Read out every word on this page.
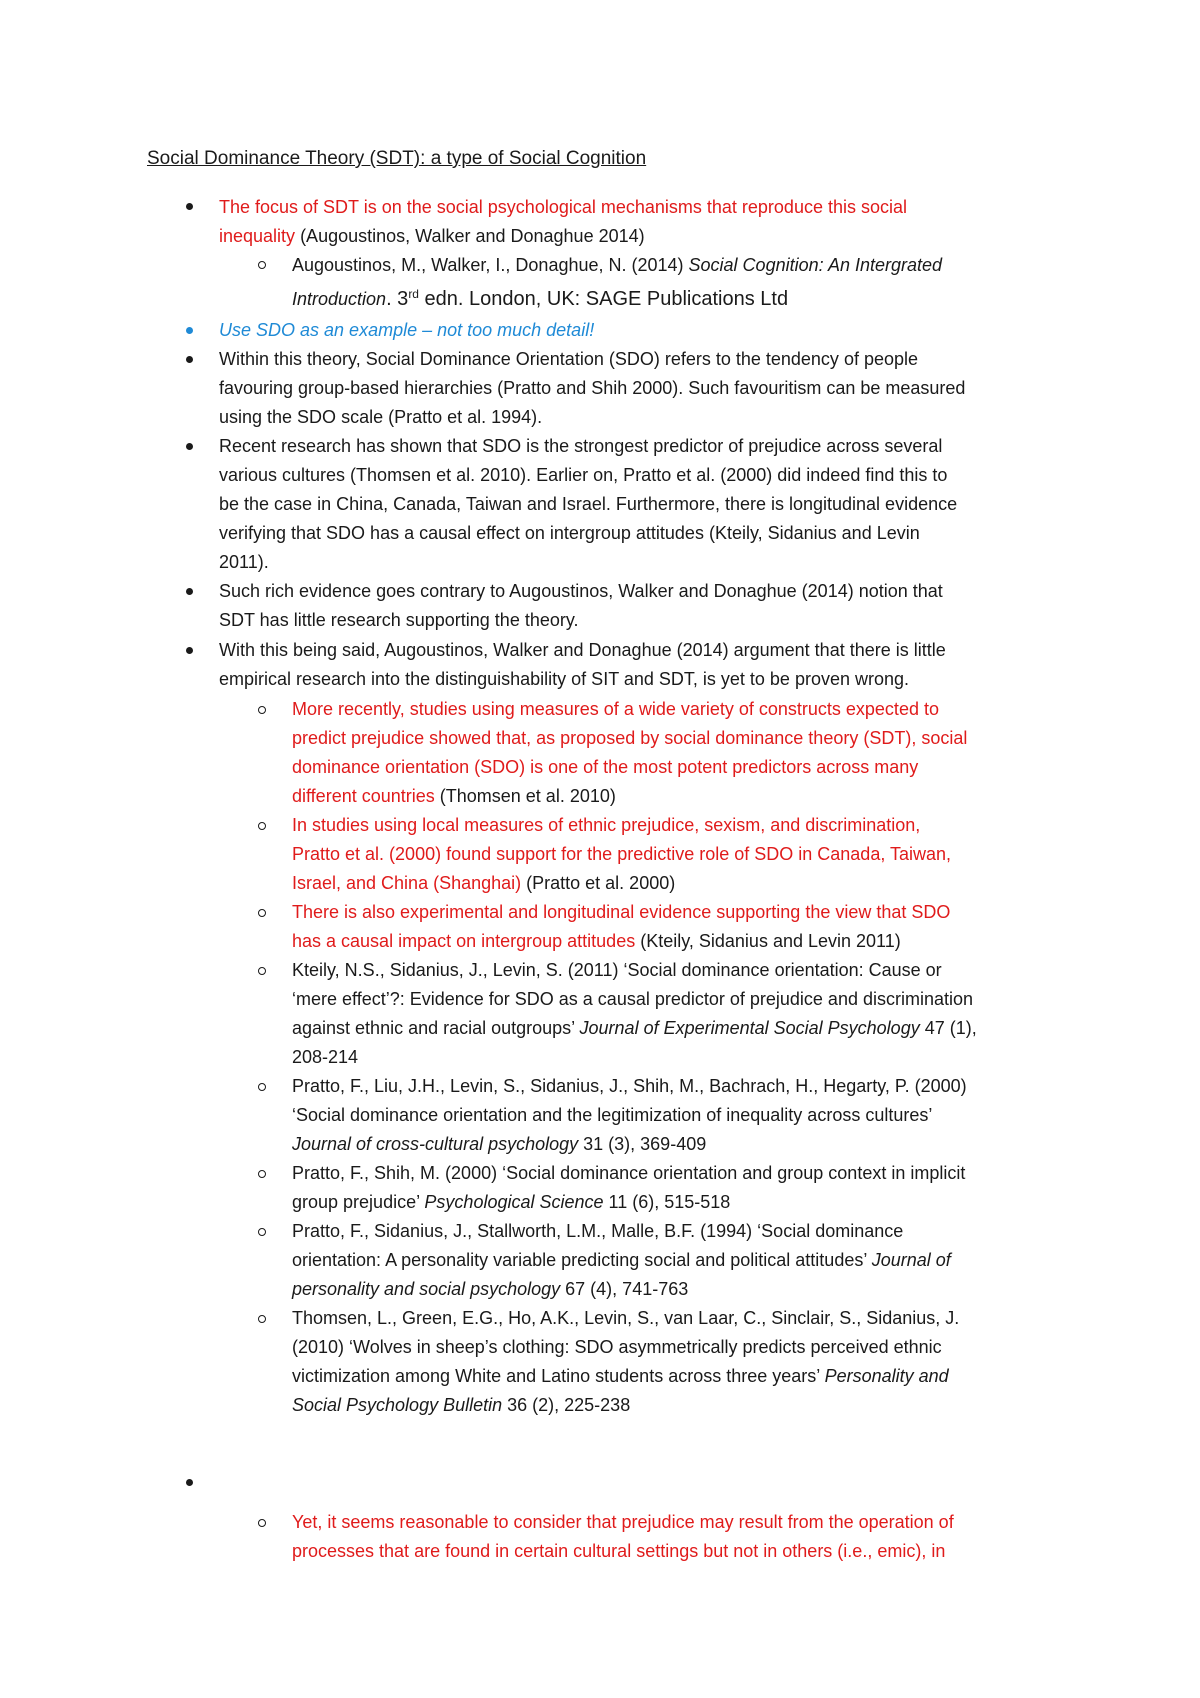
Social Dominance Theory (SDT): a type of Social Cognition
The focus of SDT is on the social psychological mechanisms that reproduce this social
inequality (Augoustinos, Walker and Donaghue 2014)
Augoustinos, M., Walker, I., Donaghue, N. (2014) Social Cognition: An Intergrated
Introduction. 3rd edn. London, UK: SAGE Publications Ltd
Use SDO as an example – not too much detail!
Within this theory, Social Dominance Orientation (SDO) refers to the tendency of people
favouring group-based hierarchies (Pratto and Shih 2000). Such favouritism can be measured
using the SDO scale (Pratto et al. 1994).
Recent research has shown that SDO is the strongest predictor of prejudice across several
various cultures (Thomsen et al. 2010). Earlier on, Pratto et al. (2000) did indeed find this to
be the case in China, Canada, Taiwan and Israel. Furthermore, there is longitudinal evidence
verifying that SDO has a causal effect on intergroup attitudes (Kteily, Sidanius and Levin
2011).
Such rich evidence goes contrary to Augoustinos, Walker and Donaghue (2014) notion that
SDT has little research supporting the theory.
With this being said, Augoustinos, Walker and Donaghue (2014) argument that there is little
empirical research into the distinguishability of SIT and SDT, is yet to be proven wrong.
More recently, studies using measures of a wide variety of constructs expected to
predict prejudice showed that, as proposed by social dominance theory (SDT), social
dominance orientation (SDO) is one of the most potent predictors across many
different countries (Thomsen et al. 2010)
In studies using local measures of ethnic prejudice, sexism, and discrimination,
Pratto et al. (2000) found support for the predictive role of SDO in Canada, Taiwan,
Israel, and China (Shanghai) (Pratto et al. 2000)
There is also experimental and longitudinal evidence supporting the view that SDO
has a causal impact on intergroup attitudes (Kteily, Sidanius and Levin 2011)
Kteily, N.S., Sidanius, J., Levin, S. (2011) ‘Social dominance orientation: Cause or
‘mere effect’?: Evidence for SDO as a causal predictor of prejudice and discrimination
against ethnic and racial outgroups’ Journal of Experimental Social Psychology 47 (1),
208-214
Pratto, F., Liu, J.H., Levin, S., Sidanius, J., Shih, M., Bachrach, H., Hegarty, P. (2000)
‘Social dominance orientation and the legitimization of inequality across cultures’
Journal of cross-cultural psychology 31 (3), 369-409
Pratto, F., Shih, M. (2000) ‘Social dominance orientation and group context in implicit
group prejudice’ Psychological Science 11 (6), 515-518
Pratto, F., Sidanius, J., Stallworth, L.M., Malle, B.F. (1994) ‘Social dominance
orientation: A personality variable predicting social and political attitudes’ Journal of
personality and social psychology 67 (4), 741-763
Thomsen, L., Green, E.G., Ho, A.K., Levin, S., van Laar, C., Sinclair, S., Sidanius, J.
(2010) ‘Wolves in sheep’s clothing: SDO asymmetrically predicts perceived ethnic
victimization among White and Latino students across three years’ Personality and
Social Psychology Bulletin 36 (2), 225-238
Yet, it seems reasonable to consider that prejudice may result from the operation of
processes that are found in certain cultural settings but not in others (i.e., emic), in
